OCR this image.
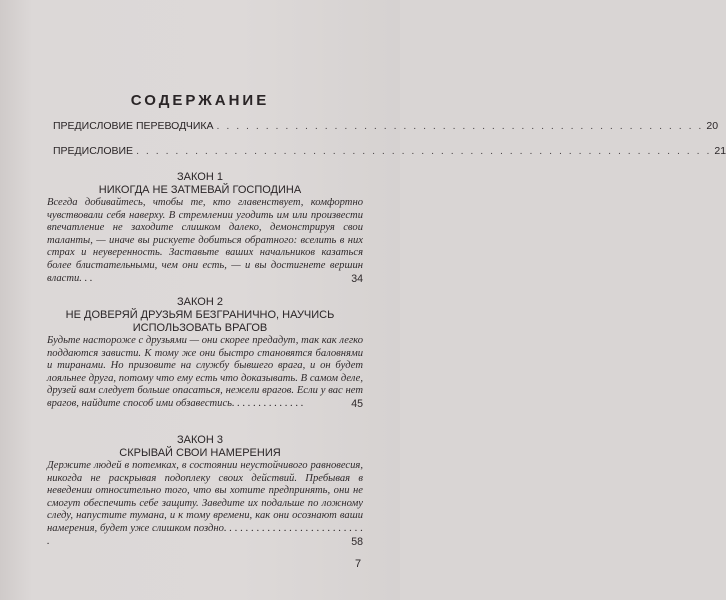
СОДЕРЖАНИЕ
ПРЕДИСЛОВИЕ ПЕРЕВОДЧИКА . . . . . . . . . . . . . . . . . . . . . . . . . . . . . . . . . . . . . . . . . . . . . . . . . . 20
ПРЕДИСЛОВИЕ . . . . . . . . . . . . . . . . . . . . . . . . . . . . . . . . . . . . . . . . . . . . . . . . . . . . . . . . . . . 21
ЗАКОН 1
НИКОГДА НЕ ЗАТМЕВАЙ ГОСПОДИНА
Всегда добивайтесь, чтобы те, кто главенствует, комфортно чувствовали себя наверху. В стремлении угодить им или произвести впечатление не заходите слишком далеко, демонстрируя свои таланты, — иначе вы рискуете добиться обратного: вселить в них страх и неуверенность. Заставьте ваших начальников казаться более блистательными, чем они есть, — и вы достигнете вершин власти. . .	34
ЗАКОН 2
НЕ ДОВЕРЯЙ ДРУЗЬЯМ БЕЗГРАНИЧНО, НАУЧИСЬ ИСПОЛЬЗОВАТЬ ВРАГОВ
Будьте настороже с друзьями — они скорее предадут, так как легко поддаются зависти. К тому же они быстро становятся баловнями и тиранами. Но призовите на службу бывшего врага, и он будет лояльнее друга, потому что ему есть что доказывать. В самом деле, друзей вам следует больше опасаться, нежели врагов. Если у вас нет врагов, найдите способ ими обзавестись. . . . . . . . . . . . . .	45
ЗАКОН 3
СКРЫВАЙ СВОИ НАМЕРЕНИЯ
Держите людей в потемках, в состоянии неустойчивого равновесия, никогда не раскрывая подоплеку своих действий. Пребывая в неведении относительно того, что вы хотите предпринять, они не смогут обеспечить себе защиту. Заведите их подальше по ложному следу, напустите тумана, и к тому времени, как они осознают ваши намерения, будет уже слишком поздно. . . . . . . . . . . . . . . . . . . . . . . . . . .	58
7
